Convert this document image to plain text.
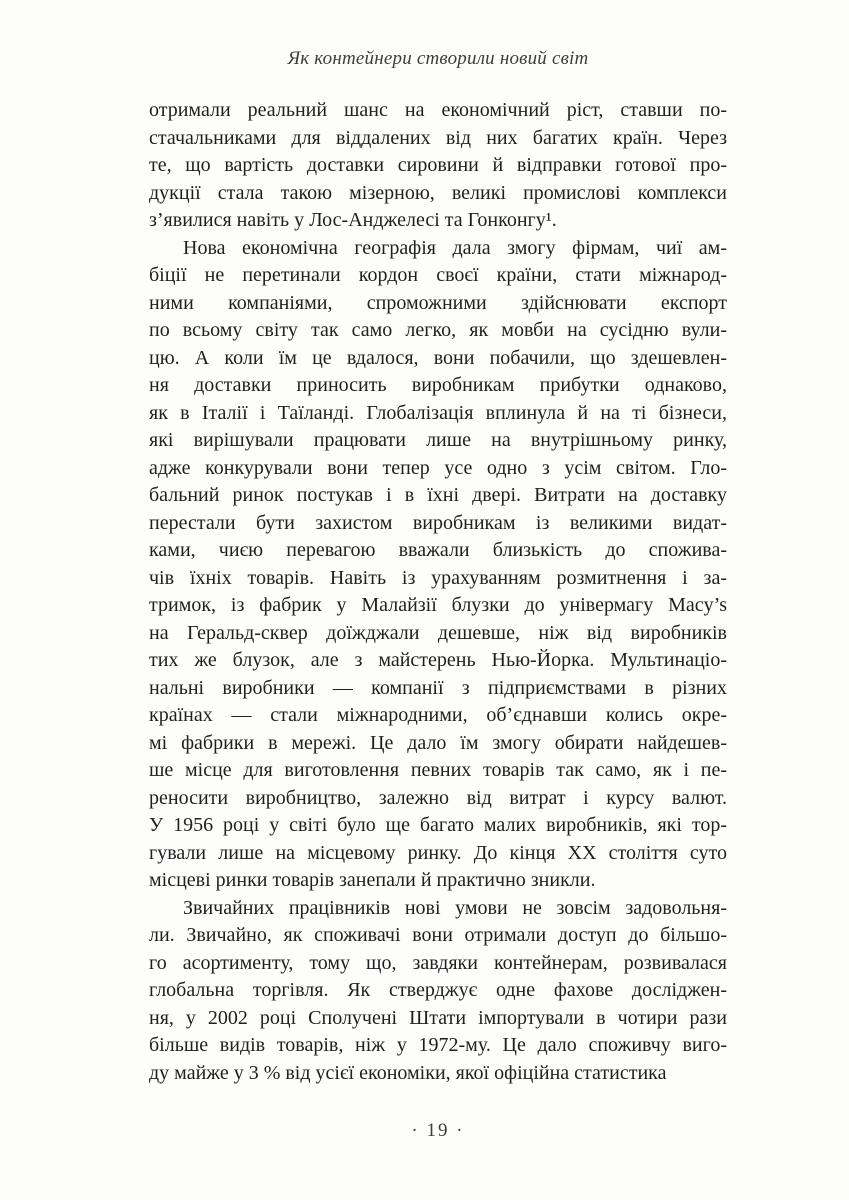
Як контейнери створили новий світ
отримали реальний шанс на економічний ріст, ставши по-
стачальниками для віддалених від них багатих країн. Через
те, що вартість доставки сировини й відправки готової про-
дукції стала такою мізерною, великі промислові комплекси
з’явилися навіть у Лос-Анджелесі та Гонконгу¹.
Нова економічна географія дала змогу фірмам, чиї ам-
біції не перетинали кордон своєї країни, стати міжнарод-
ними компаніями, спроможними здійснювати експорт
по всьому світу так само легко, як мовби на сусідню вули-
цю. А коли їм це вдалося, вони побачили, що здешевлен-
ня доставки приносить виробникам прибутки однаково,
як в Італії і Таїланді. Глобалізація вплинула й на ті бізнеси,
які вирішували працювати лише на внутрішньому ринку,
адже конкурували вони тепер усе одно з усім світом. Гло-
бальний ринок постукав і в їхні двері. Витрати на доставку
перестали бути захистом виробникам із великими видат-
ками, чиєю перевагою вважали близькість до спожива-
чів їхніх товарів. Навіть із урахуванням розмитнення і за-
тримок, із фабрик у Малайзії блузки до універмагу Macy’s
на Геральд-сквер доїжджали дешевше, ніж від виробників
тих же блузок, але з майстерень Нью-Йорка. Мультинаціо-
нальні виробники — компанії з підприємствами в різних
країнах — стали міжнародними, об’єднавши колись окре-
мі фабрики в мережі. Це дало їм змогу обирати найдешев-
ше місце для виготовлення певних товарів так само, як і пе-
реносити виробництво, залежно від витрат і курсу валют.
У 1956 році у світі було ще багато малих виробників, які тор-
гували лише на місцевому ринку. До кінця XX століття суто
місцеві ринки товарів занепали й практично зникли.
Звичайних працівників нові умови не зовсім задовольня-
ли. Звичайно, як споживачі вони отримали доступ до більшо-
го асортименту, тому що, завдяки контейнерам, розвивалася
глобальна торгівля. Як стверджує одне фахове досліджен-
ня, у 2002 році Сполучені Штати імпортували в чотири рази
більше видів товарів, ніж у 1972-му. Це дало споживчу виго-
ду майже у 3 % від усієї економіки, якої офіційна статистика
· 19 ·
